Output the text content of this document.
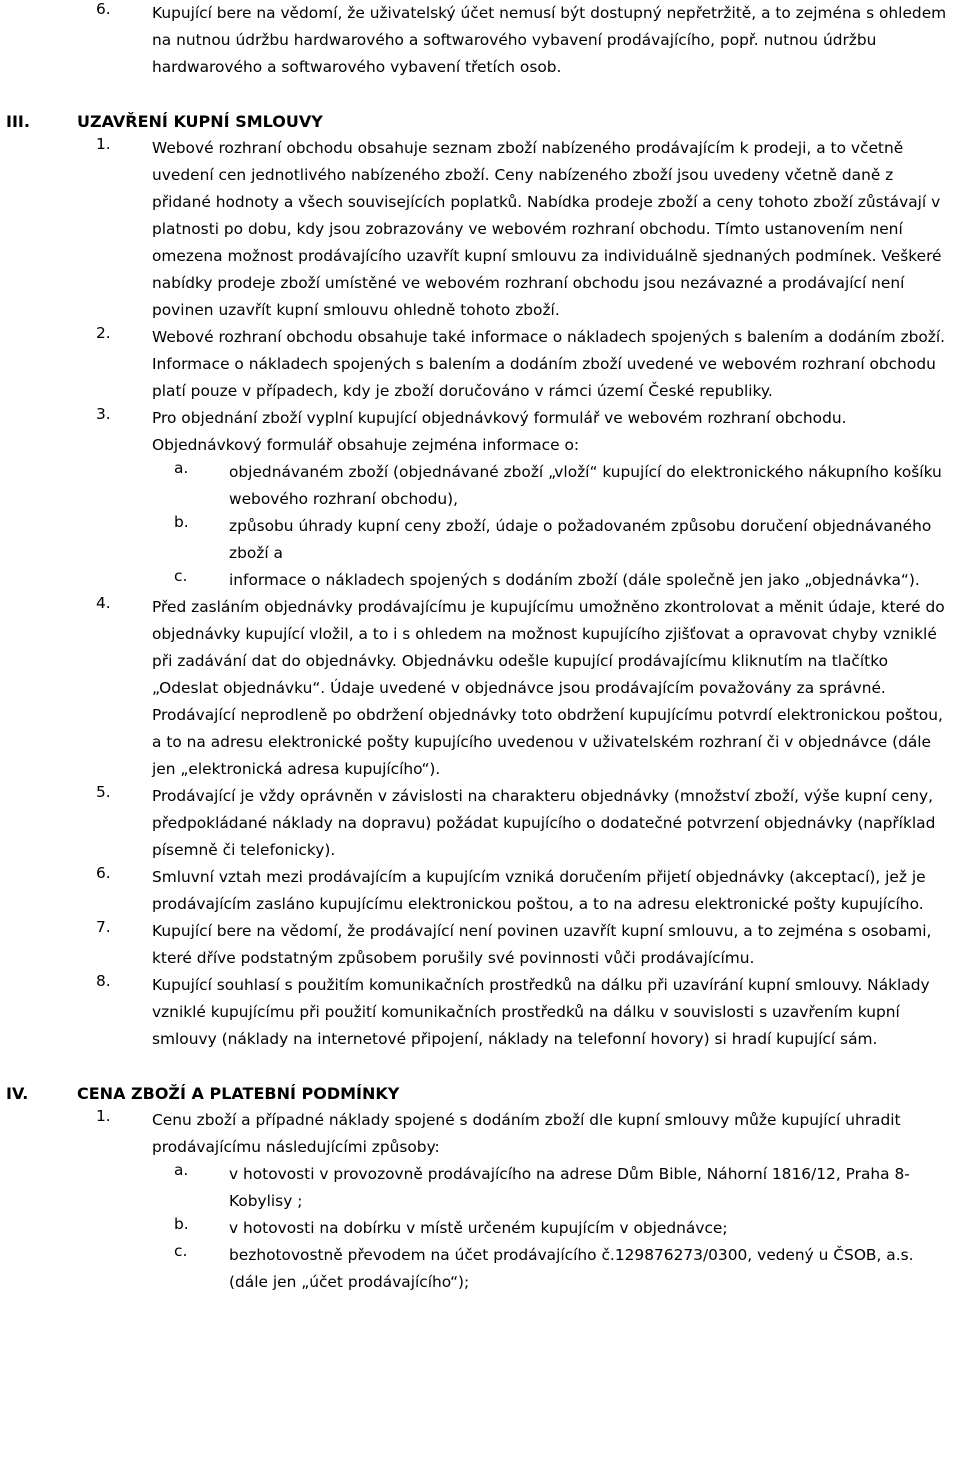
6.	Kupující bere na vědomí, že uživatelský účet nemusí být dostupný nepřetržitě, a to zejména s ohledem na nutnou údržbu hardwarového a softwarového vybavení prodávajícího, popř. nutnou údržbu hardwarového a softwarového vybavení třetích osob.
III.	UZAVŘENÍ KUPNÍ SMLOUVY
1.	Webové rozhraní obchodu obsahuje seznam zboží nabízeného prodávajícím k prodeji, a to včetně uvedení cen jednotlivého nabízeného zboží. Ceny nabízeného zboží jsou uvedeny včetně daně z přidané hodnoty a všech souvisejících poplatků. Nabídka prodeje zboží a ceny tohoto zboží zůstávají v platnosti po dobu, kdy jsou zobrazovány ve webovém rozhraní obchodu. Tímto ustanovením není omezena možnost prodávajícího uzavřít kupní smlouvu za individuálně sjednaných podmínek. Veškeré nabídky prodeje zboží umístěné ve webovém rozhraní obchodu jsou nezávazné a prodávající není povinen uzavřít kupní smlouvu ohledně tohoto zboží.
2.	Webové rozhraní obchodu obsahuje také informace o nákladech spojených s balením a dodáním zboží. Informace o nákladech spojených s balením a dodáním zboží uvedené ve webovém rozhraní obchodu platí pouze v případech, kdy je zboží doručováno v rámci území České republiky.
3.	Pro objednání zboží vyplní kupující objednávkový formulář ve webovém rozhraní obchodu. Objednávkový formulář obsahuje zejména informace o:
a.	objednávaném zboží (objednávané zboží „vloží“ kupující do elektronického nákupního košíku webového rozhraní obchodu),
b.	způsobu úhrady kupní ceny zboží, údaje o požadovaném způsobu doručení objednávaného zboží a
c.	informace o nákladech spojených s dodáním zboží (dále společně jen jako „objednávka“).
4.	Před zasláním objednávky prodávajícímu je kupujícímu umožněno zkontrolovat a měnit údaje, které do objednávky kupující vložil, a to i s ohledem na možnost kupujícího zjišťovat a opravovat chyby vzniklé při zadávání dat do objednávky. Objednávku odešle kupující prodávajícímu kliknutím na tlačítko „Odeslat objednávku“. Údaje uvedené v objednávce jsou prodávajícím považovány za správné. Prodávající neprodleně po obdržení objednávky toto obdržení kupujícímu potvrdí elektronickou poštou, a to na adresu elektronické pošty kupujícího uvedenou v uživatelském rozhraní či v objednávce (dále jen „elektronická adresa kupujícího“).
5.	Prodávající je vždy oprávněn v závislosti na charakteru objednávky (množství zboží, výše kupní ceny, předpokládané náklady na dopravu) požádat kupujícího o dodatečné potvrzení objednávky (například písemně či telefonicky).
6.	Smluvní vztah mezi prodávajícím a kupujícím vzniká doručením přijetí objednávky (akceptací), jež je prodávajícím zasláno kupujícímu elektronickou poštou, a to na adresu elektronické pošty kupujícího.
7.	Kupující bere na vědomí, že prodávající není povinen uzavřít kupní smlouvu, a to zejména s osobami, které dříve podstatným způsobem porušily své povinnosti vůči prodávajícímu.
8.	Kupující souhlasí s použitím komunikačních prostředků na dálku při uzavírání kupní smlouvy. Náklady vzniklé kupujícímu při použití komunikačních prostředků na dálku v souvislosti s uzavřením kupní smlouvy (náklady na internetové připojení, náklady na telefonní hovory) si hradí kupující sám.
IV.	CENA ZBOŽÍ A PLATEBNÍ PODMÍNKY
1.	Cenu zboží a případné náklady spojené s dodáním zboží dle kupní smlouvy může kupující uhradit prodávajícímu následujícími způsoby:
a.	v hotovosti v provozovně prodávajícího na adrese Dům Bible, Náhorní 1816/12, Praha 8-Kobylisy ;
b.	v hotovosti na dobírku v místě určeném kupujícím v objednávce;
c.	bezhotovostně převodem na účet prodávajícího č.129876273/0300, vedený u ČSOB, a.s. (dále jen „účet prodávajícího“);
